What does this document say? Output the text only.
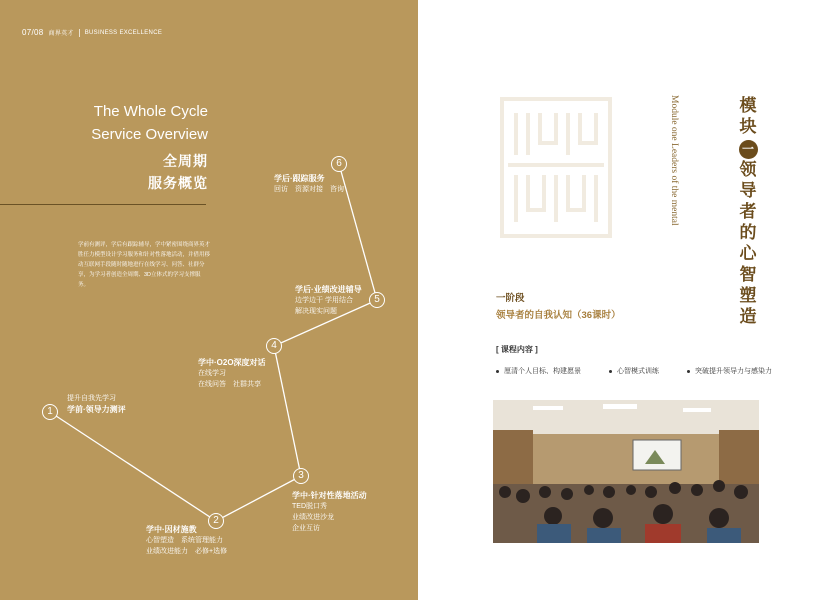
07/08 商界英才 BUSINESS EXCELLENCE
The Whole Cycle
Service Overview
全周期
服务概览
学前有测评，学后有跟踪辅导，学中紧密围绕商界英才胜任力模型设计学习服务和针对性落地活动，并借用移动互联网手段随时随地进行在线学习、问答、社群分享，为学习者创造全周期、3D立体式的学习支撑服务。
1
2
3
4
5
6
提升自我先学习
学前·领导力测评
学中·因材施教
心智塑造　系统管理能力
业绩改进能力　必修+选修
学中·针对性落地活动
TED脱口秀
业绩改进沙龙
企业互访
学中·O2O深度对话
在线学习
在线问答　社群共享
学后·业绩改进辅导
边学边干 学用结合
解决现实问题
学后·跟踪服务
回访　资源对接　咨询
模
块
一
领
导
者
的
心
智
塑
造
Module one Leaders of the mental
一阶段
领导者的自我认知（36课时）
[ 课程内容 ]
厘清个人目标、构建愿景	心智模式训练	突破提升领导力与感染力
